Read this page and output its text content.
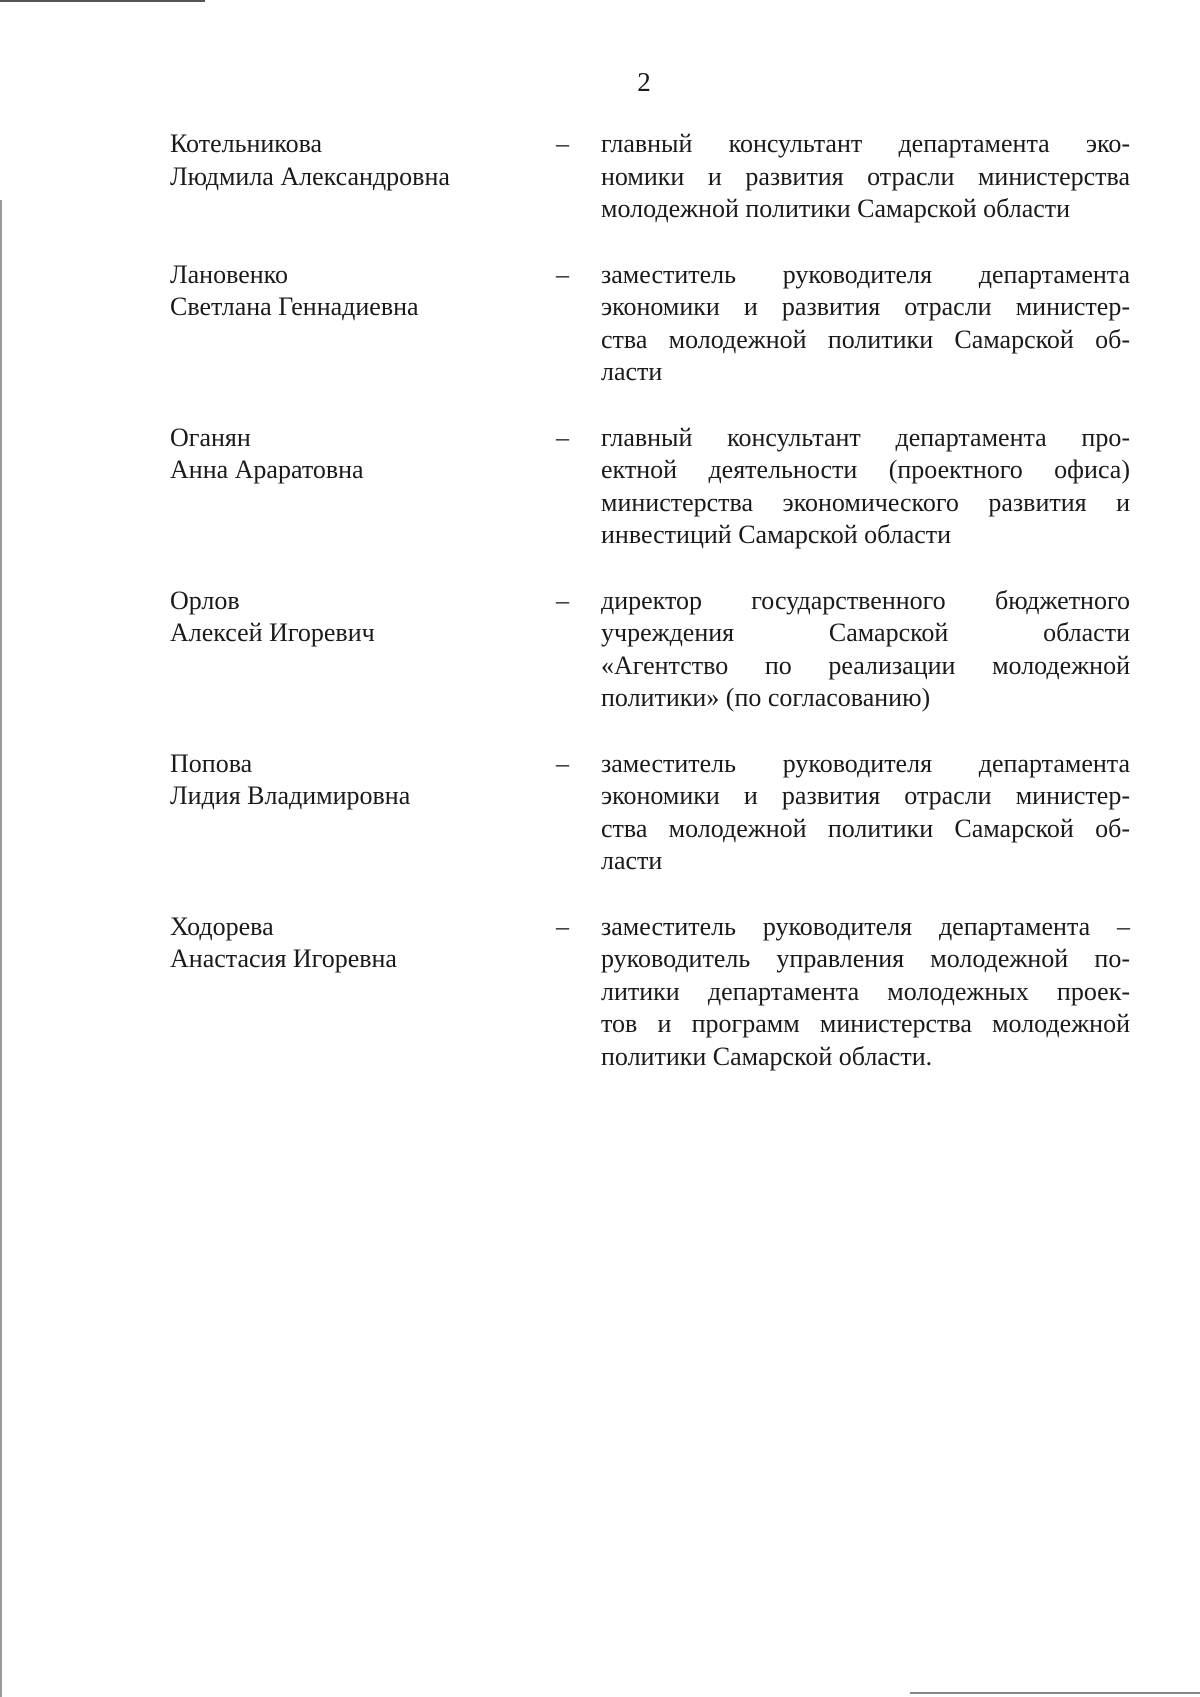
2
Котельникова
Людмила Александровна
– главный консультант департамента эко-
номики и развития отрасли министерства
молодежной политики Самарской области
Лановенко
Светлана Геннадиевна
– заместитель руководителя департамента
экономики и развития отрасли министер-
ства молодежной политики Самарской об-
ласти
Оганян
Анна Араратовна
– главный консультант департамента про-
ектной деятельности (проектного офиса)
министерства экономического развития и
инвестиций Самарской области
Орлов
Алексей Игоревич
– директор государственного бюджетного
учреждения Самарской области
«Агентство по реализации молодежной
политики» (по согласованию)
Попова
Лидия Владимировна
– заместитель руководителя департамента
экономики и развития отрасли министер-
ства молодежной политики Самарской об-
ласти
Ходорева
Анастасия Игоревна
– заместитель руководителя департамента –
руководитель управления молодежной по-
литики департамента молодежных проек-
тов и программ министерства молодежной
политики Самарской области.
